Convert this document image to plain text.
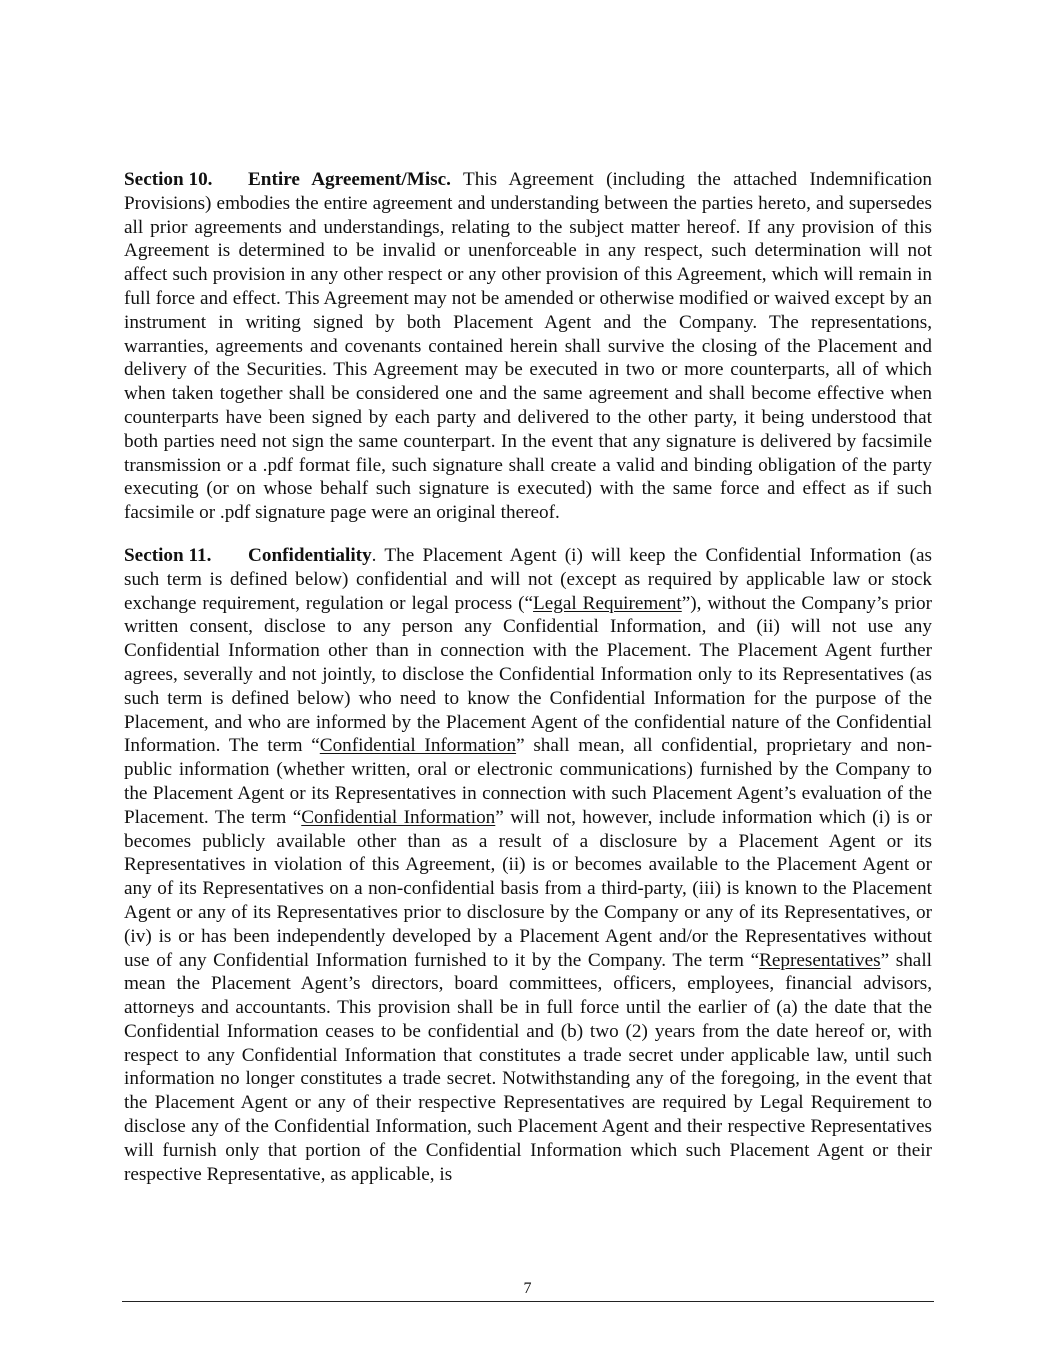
Section 10. Entire Agreement/Misc. This Agreement (including the attached Indemnification Provisions) embodies the entire agreement and understanding between the parties hereto, and supersedes all prior agreements and understandings, relating to the subject matter hereof. If any provision of this Agreement is determined to be invalid or unenforceable in any respect, such determination will not affect such provision in any other respect or any other provision of this Agreement, which will remain in full force and effect. This Agreement may not be amended or otherwise modified or waived except by an instrument in writing signed by both Placement Agent and the Company. The representations, warranties, agreements and covenants contained herein shall survive the closing of the Placement and delivery of the Securities. This Agreement may be executed in two or more counterparts, all of which when taken together shall be considered one and the same agreement and shall become effective when counterparts have been signed by each party and delivered to the other party, it being understood that both parties need not sign the same counterpart. In the event that any signature is delivered by facsimile transmission or a .pdf format file, such signature shall create a valid and binding obligation of the party executing (or on whose behalf such signature is executed) with the same force and effect as if such facsimile or .pdf signature page were an original thereof.

Section 11. Confidentiality. The Placement Agent (i) will keep the Confidential Information (as such term is defined below) confidential and will not (except as required by applicable law or stock exchange requirement, regulation or legal process (“Legal Requirement”), without the Company’s prior written consent, disclose to any person any Confidential Information, and (ii) will not use any Confidential Information other than in connection with the Placement. The Placement Agent further agrees, severally and not jointly, to disclose the Confidential Information only to its Representatives (as such term is defined below) who need to know the Confidential Information for the purpose of the Placement, and who are informed by the Placement Agent of the confidential nature of the Confidential Information. The term “Confidential Information” shall mean, all confidential, proprietary and non-public information (whether written, oral or electronic communications) furnished by the Company to the Placement Agent or its Representatives in connection with such Placement Agent’s evaluation of the Placement. The term “Confidential Information” will not, however, include information which (i) is or becomes publicly available other than as a result of a disclosure by a Placement Agent or its Representatives in violation of this Agreement, (ii) is or becomes available to the Placement Agent or any of its Representatives on a non-confidential basis from a third-party, (iii) is known to the Placement Agent or any of its Representatives prior to disclosure by the Company or any of its Representatives, or (iv) is or has been independently developed by a Placement Agent and/or the Representatives without use of any Confidential Information furnished to it by the Company. The term “Representatives” shall mean the Placement Agent’s directors, board committees, officers, employees, financial advisors, attorneys and accountants. This provision shall be in full force until the earlier of (a) the date that the Confidential Information ceases to be confidential and (b) two (2) years from the date hereof or, with respect to any Confidential Information that constitutes a trade secret under applicable law, until such information no longer constitutes a trade secret. Notwithstanding any of the foregoing, in the event that the Placement Agent or any of their respective Representatives are required by Legal Requirement to disclose any of the Confidential Information, such Placement Agent and their respective Representatives will furnish only that portion of the Confidential Information which such Placement Agent or their respective Representative, as applicable, is

7
